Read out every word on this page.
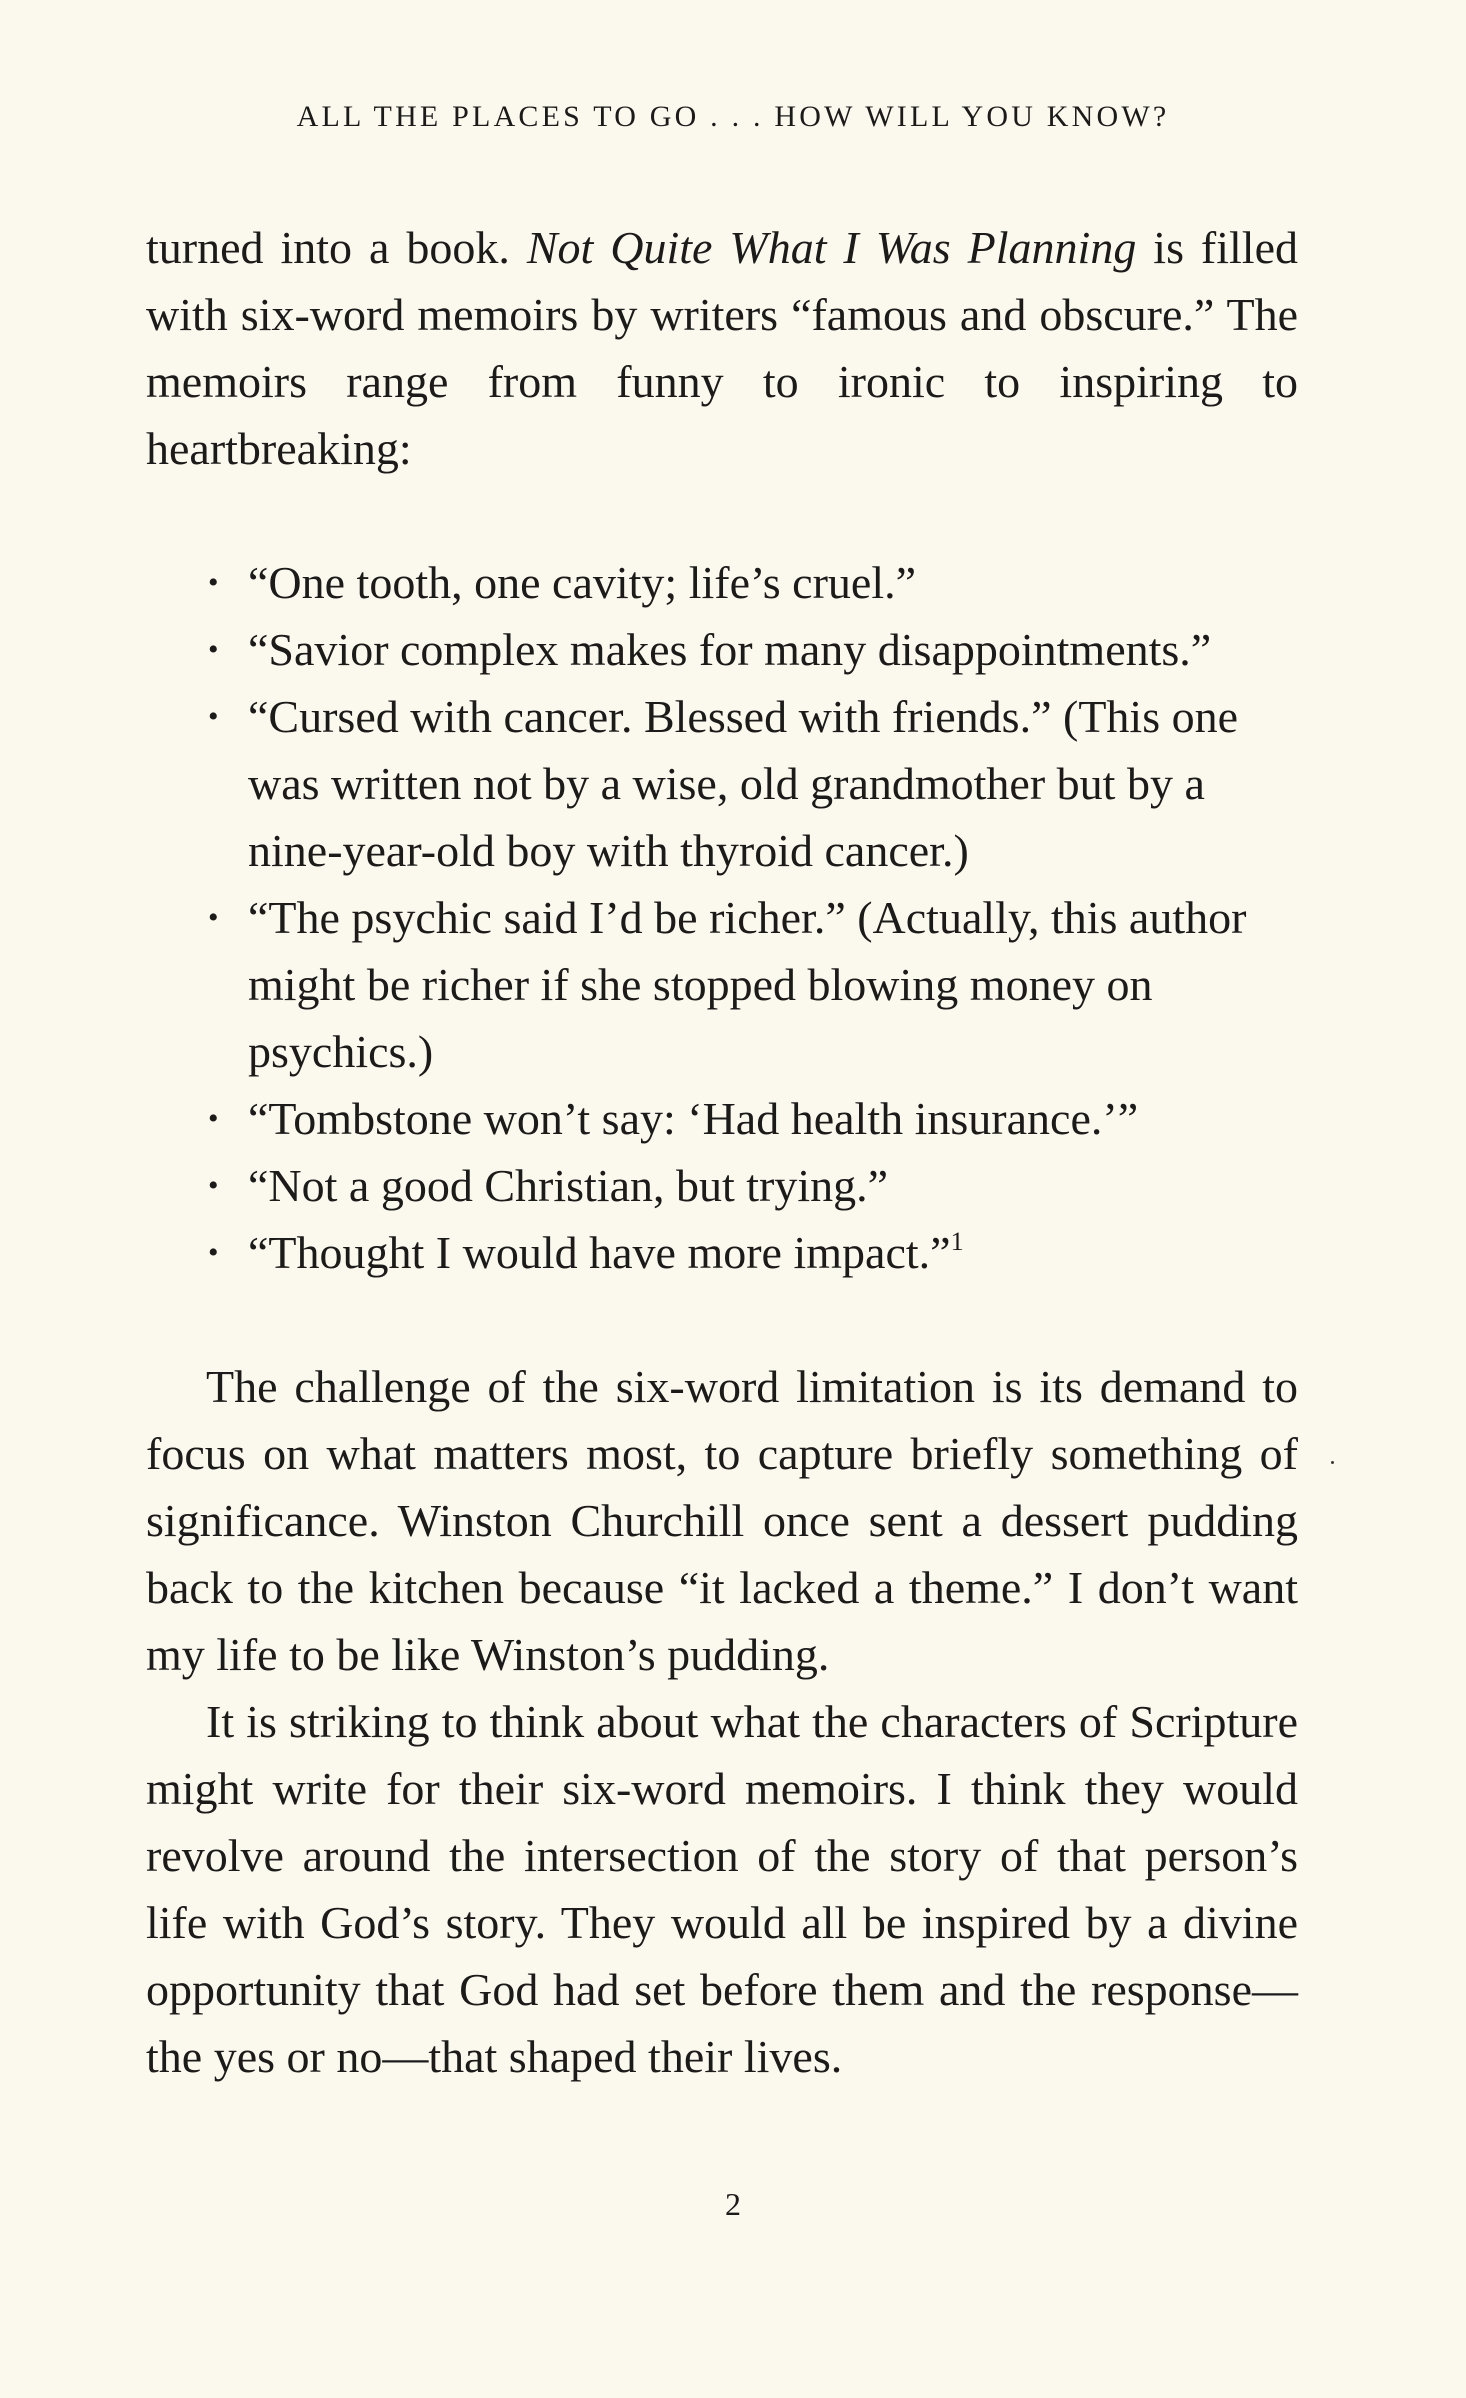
ALL THE PLACES TO GO . . . HOW WILL YOU KNOW?

turned into a book. Not Quite What I Was Planning is filled with six-word memoirs by writers “famous and obscure.” The memoirs range from funny to ironic to inspiring to heartbreaking:

• “One tooth, one cavity; life’s cruel.”
• “Savior complex makes for many disappointments.”
• “Cursed with cancer. Blessed with friends.” (This one was written not by a wise, old grandmother but by a nine-year-old boy with thyroid cancer.)
• “The psychic said I’d be richer.” (Actually, this author might be richer if she stopped blowing money on psychics.)
• “Tombstone won’t say: ‘Had health insurance.’”
• “Not a good Christian, but trying.”
• “Thought I would have more impact.”$^1$

The challenge of the six-word limitation is its demand to focus on what matters most, to capture briefly something of significance. Winston Churchill once sent a dessert pudding back to the kitchen because “it lacked a theme.” I don’t want my life to be like Winston’s pudding.

It is striking to think about what the characters of Scripture might write for their six-word memoirs. I think they would revolve around the intersection of the story of that person’s life with God’s story. They would all be inspired by a divine opportunity that God had set before them and the response—the yes or no—that shaped their lives.

2
